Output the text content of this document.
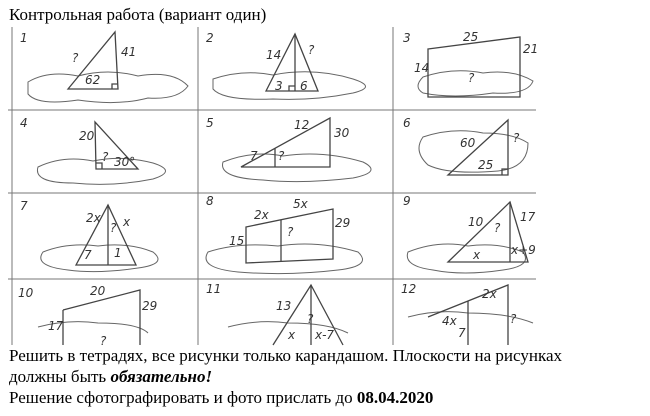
Контрольная работа (вариант один)
1
?	41
62
2
14 ?
3 6
3	25
21
14
?
4
20
? 30°
5	12
30
7 ?
6
60	?
25
7
2x
? x
7 1
8
2x
5x
29
15
?
9
10	17
?
x	x+9
10	20
29
17
?
11
13
?
x x-7
12	2x
4x
7
?

Решить в тетрадях, все рисунки только карандашом. Плоскости на рисунках

должны быть обязательно!

Решение сфотографировать и фото прислать до 08.04.2020
